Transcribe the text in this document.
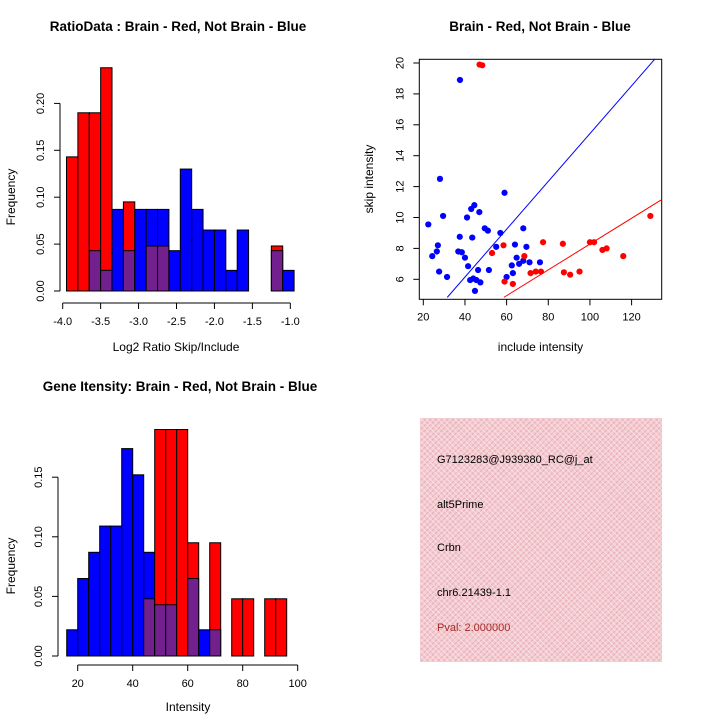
RatioData : Brain - Red, Not Brain - Blue
Log2 Ratio Skip/Include
Frequency
-4.0 -3.5 -3.0 -2.5 -2.0 -1.5 -1.0
0.00
0.05
0.10
0.15
0.20
Brain - Red, Not Brain - Blue
include intensity
skip intensity
20	40	60	80 100 120
6
8
10
12
14
16
18
20
Gene Itensity: Brain - Red, Not Brain - Blue
Intensity
Frequency
20	40	60	80	100
0.00
0.05
0.10
0.15
G7123283@J939380_RC@j_at
alt5Prime
Crbn
chr6.21439-1.1
Pval: 2.000000
